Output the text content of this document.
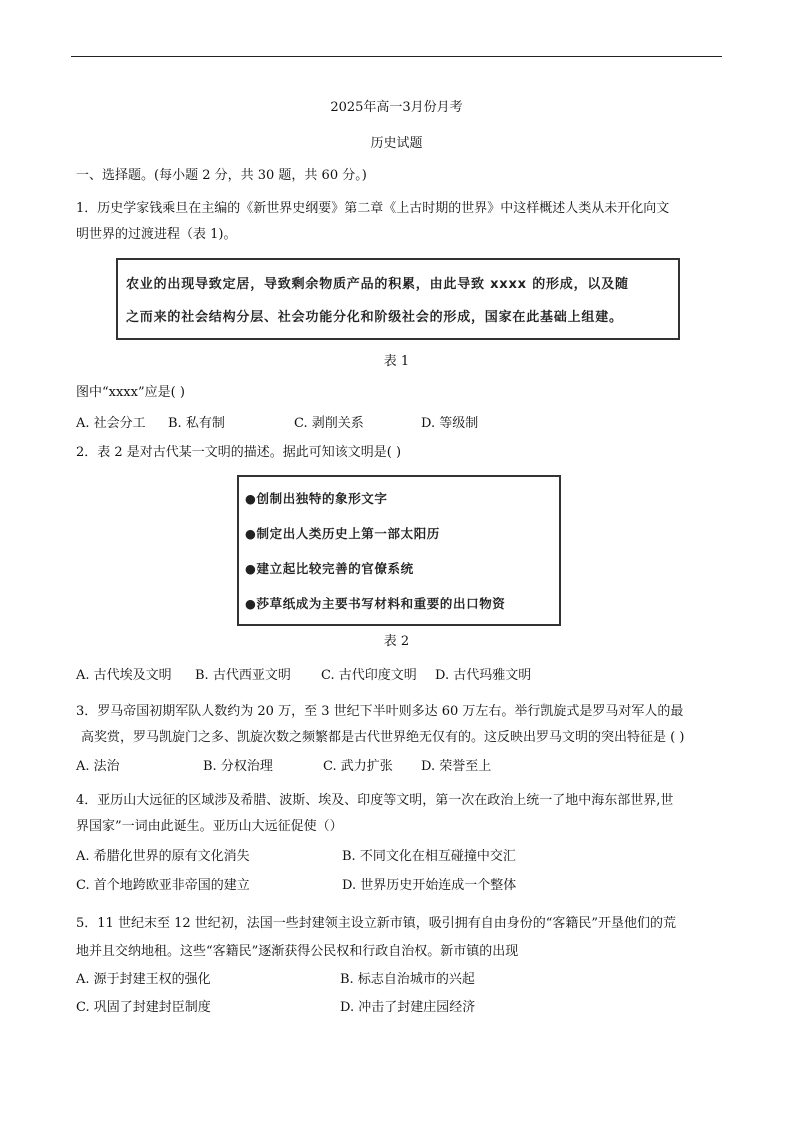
2025年高一3月份月考
历史试题
一、选择题。(每小题 2 分，共 30 题，共 60 分。)
1．历史学家钱乘旦在主编的《新世界史纲要》第二章《上古时期的世界》中这样概述人类从未开化向文
明世界的过渡进程（表 1)。
农业的出现导致定居，导致剩余物质产品的积累，由此导致 xxxx 的形成，以及随
之而来的社会结构分层、社会功能分化和阶级社会的形成，国家在此基础上组建。
表 1
图中“xxxx”应是( )
A. 社会分工 B. 私有制	C. 剥削关系	D. 等级制
2．表 2 是对古代某一文明的描述。据此可知该文明是( )
●创制出独特的象形文字
●制定出人类历史上第一部太阳历
●建立起比较完善的官僚系统
●莎草纸成为主要书写材料和重要的出口物资
表 2
A. 古代埃及文明 B. 古代西亚文明 C. 古代印度文明 D. 古代玛雅文明
3．罗马帝国初期军队人数约为 20 万，至 3 世纪下半叶则多达 60 万左右。举行凯旋式是罗马对军人的最
高奖赏，罗马凯旋门之多、凯旋次数之频繁都是古代世界绝无仅有的。这反映出罗马文明的突出特征是 ( )
A. 法治	B. 分权治理	C. 武力扩张 D. 荣誉至上
4．亚历山大远征的区域涉及希腊、波斯、埃及、印度等文明，第一次在政治上统一了地中海东部世界,世
界国家”一词由此诞生。亚历山大远征促使（）
A. 希腊化世界的原有文化消失	B. 不同文化在相互碰撞中交汇
C. 首个地跨欧亚非帝国的建立	D. 世界历史开始连成一个整体
5．11 世纪末至 12 世纪初，法国一些封建领主设立新市镇，吸引拥有自由身份的“客籍民”开垦他们的荒
地并且交纳地租。这些“客籍民”逐渐获得公民权和行政自治权。新市镇的出现
A. 源于封建王权的强化	B. 标志自治城市的兴起
C. 巩固了封建封臣制度	D. 冲击了封建庄园经济
